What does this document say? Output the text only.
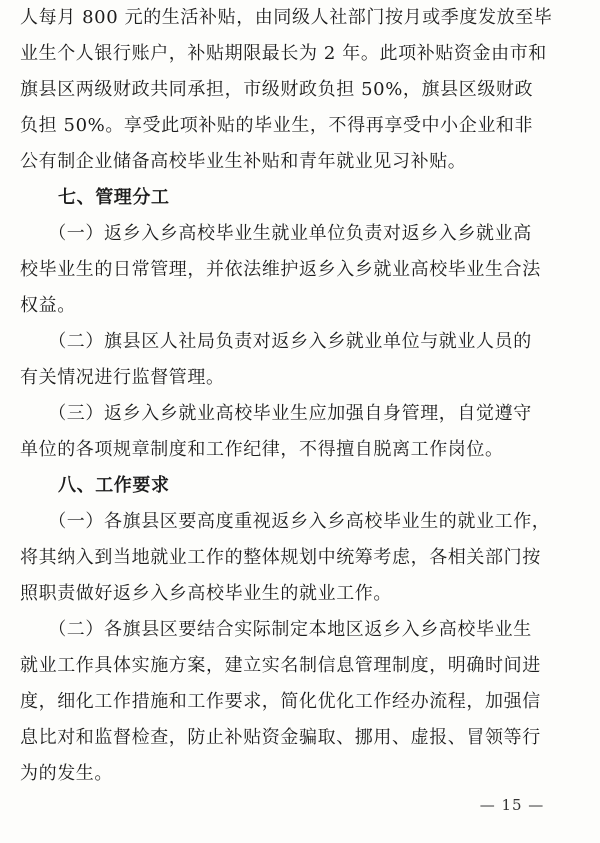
人每月 800 元的生活补贴，由同级人社部门按月或季度发放至毕
业生个人银行账户，补贴期限最长为 2 年。此项补贴资金由市和
旗县区两级财政共同承担，市级财政负担 50%，旗县区级财政
负担 50%。享受此项补贴的毕业生，不得再享受中小企业和非
公有制企业储备高校毕业生补贴和青年就业见习补贴。
七、管理分工
　　（一）返乡入乡高校毕业生就业单位负责对返乡入乡就业高
校毕业生的日常管理，并依法维护返乡入乡就业高校毕业生合法
权益。
　　（二）旗县区人社局负责对返乡入乡就业单位与就业人员的
有关情况进行监督管理。
　　（三）返乡入乡就业高校毕业生应加强自身管理，自觉遵守
单位的各项规章制度和工作纪律，不得擅自脱离工作岗位。
八、工作要求
　　（一）各旗县区要高度重视返乡入乡高校毕业生的就业工作，
将其纳入到当地就业工作的整体规划中统筹考虑，各相关部门按
照职责做好返乡入乡高校毕业生的就业工作。
　　（二）各旗县区要结合实际制定本地区返乡入乡高校毕业生
就业工作具体实施方案，建立实名制信息管理制度，明确时间进
度，细化工作措施和工作要求，简化优化工作经办流程，加强信
息比对和监督检查，防止补贴资金骗取、挪用、虚报、冒领等行
为的发生。
— 15 —
